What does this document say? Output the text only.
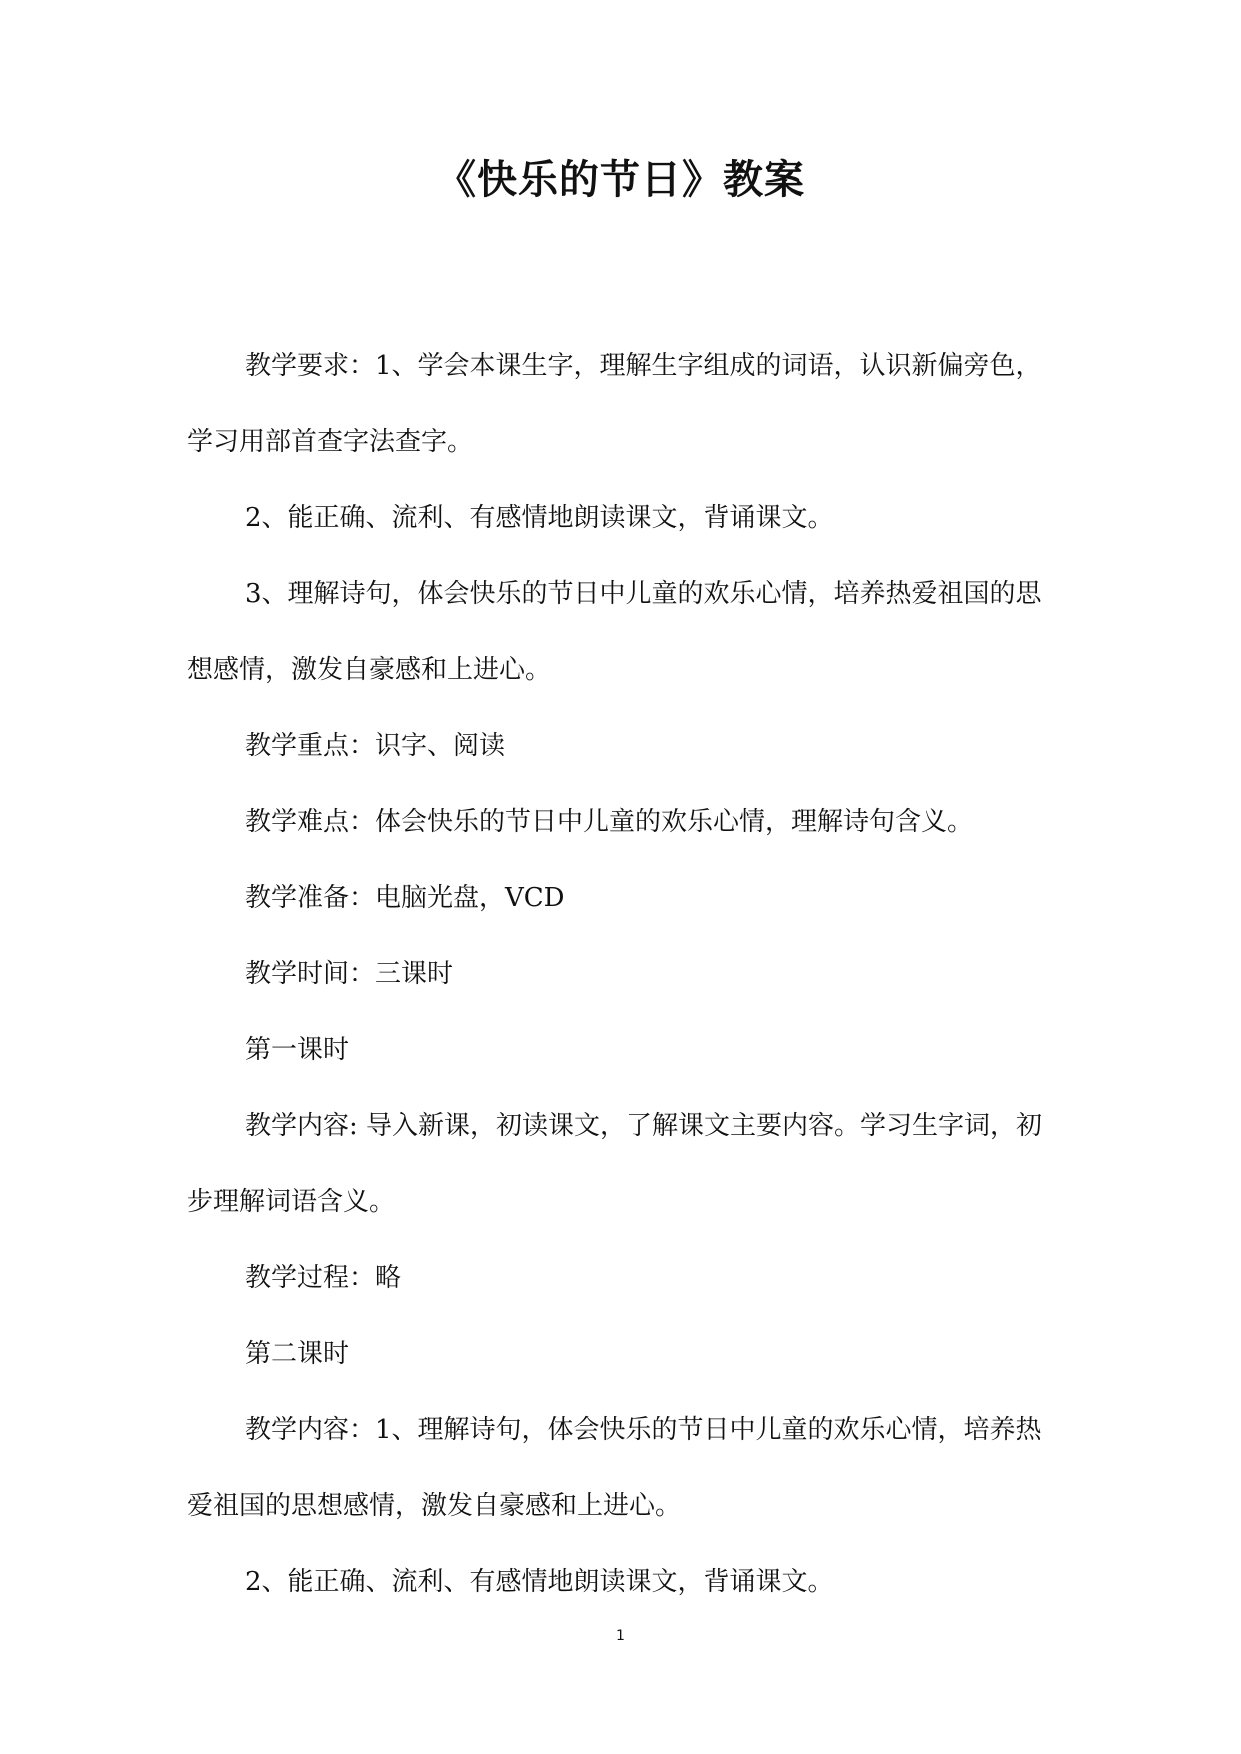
《快乐的节日》教案

教学要求：1、学会本课生字，理解生字组成的词语，认识新偏旁色，学习用部首查字法查字。

2、能正确、流利、有感情地朗读课文，背诵课文。

3、理解诗句，体会快乐的节日中儿童的欢乐心情，培养热爱祖国的思想感情，激发自豪感和上进心。

教学重点：识字、阅读

教学难点：体会快乐的节日中儿童的欢乐心情，理解诗句含义。

教学准备：电脑光盘，VCD

教学时间：三课时

第一课时

教学内容: 导入新课，初读课文，了解课文主要内容。学习生字词，初步理解词语含义。

教学过程：略

第二课时

教学内容：1、理解诗句，体会快乐的节日中儿童的欢乐心情，培养热爱祖国的思想感情，激发自豪感和上进心。

2、能正确、流利、有感情地朗读课文，背诵课文。

1
